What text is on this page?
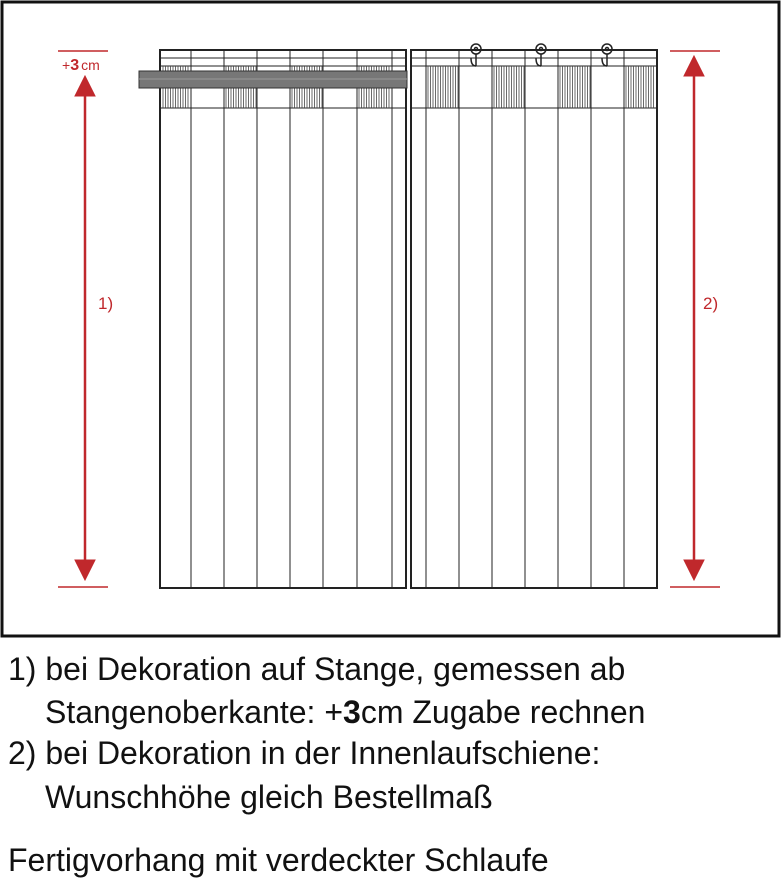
+3 cm
1)	2)
1) bei Dekoration auf Stange, gemessen ab
Stangenoberkante: +3cm Zugabe rechnen
2) bei Dekoration in der Innenlaufschiene:
Wunschhöhe gleich Bestellmaß
Fertigvorhang mit verdeckter Schlaufe
